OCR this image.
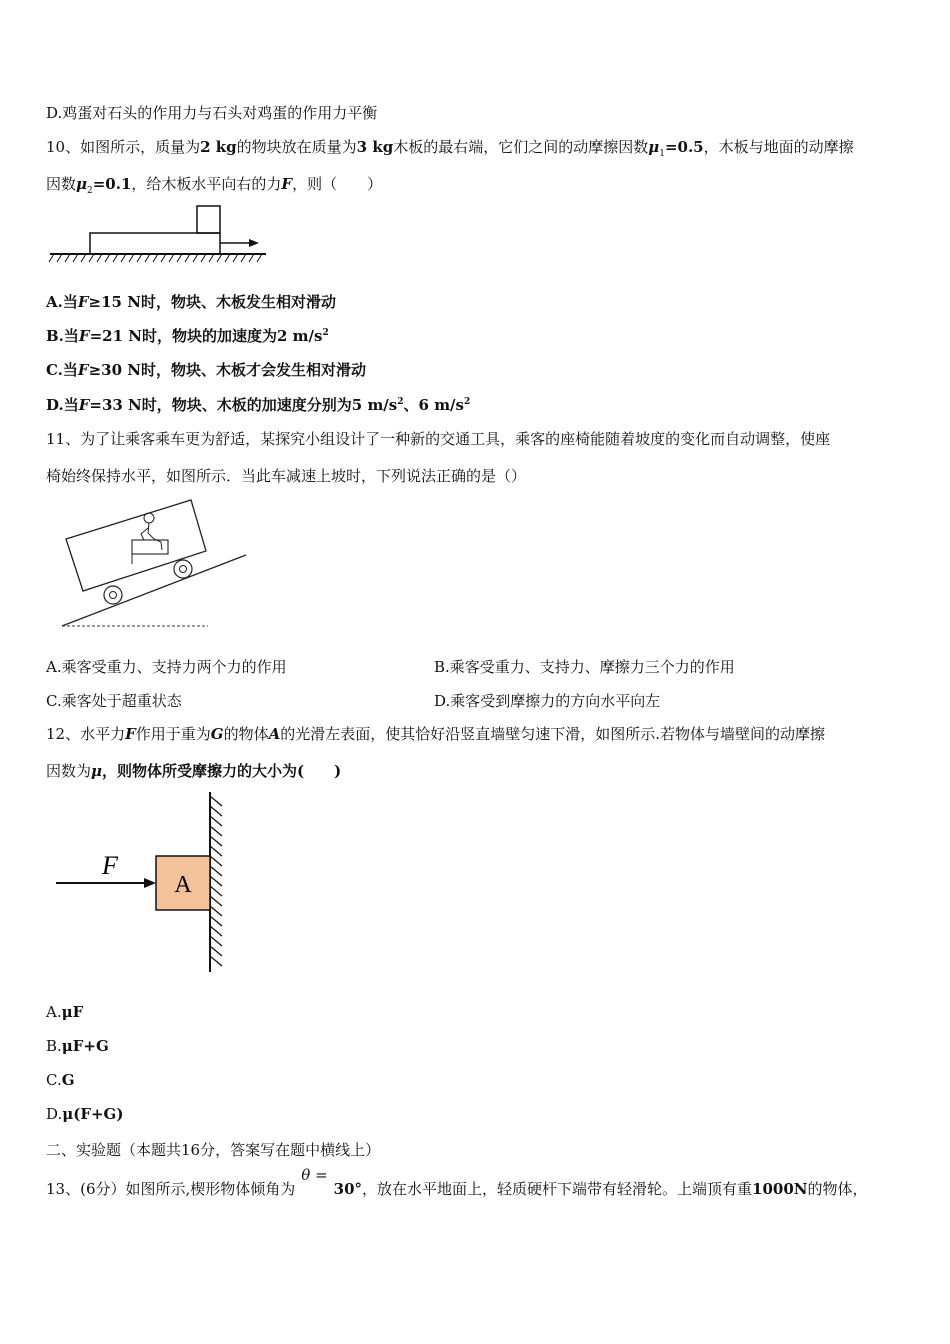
D.鸡蛋对石头的作用力与石头对鸡蛋的作用力平衡
10、如图所示，质量为2 kg的物块放在质量为3 kg木板的最右端，它们之间的动摩擦因数$\mu_1=0.5$，木板与地面的动摩擦
因数$\mu_2=0.1$，给木板水平向右的力F，则（　　）
A.当F≥15 N时，物块、木板发生相对滑动
B.当F=21 N时，物块的加速度为2 $m/s^2$
C.当F≥30 N时，物块、木板才会发生相对滑动
D.当F=33 N时，物块、木板的加速度分别为5 $m/s^2$、6 $m/s^2$
11、为了让乘客乘车更为舒适，某探究小组设计了一种新的交通工具，乘客的座椅能随着坡度的变化而自动调整，使座
椅始终保持水平，如图所示．当此车减速上坡时，下列说法正确的是（）
A.乘客受重力、支持力两个力的作用	B.乘客受重力、支持力、摩擦力三个力的作用
C.乘客处于超重状态	D.乘客受到摩擦力的方向水平向左
12、水平力F作用于重为G的物体A的光滑左表面，使其恰好沿竖直墙壁匀速下滑，如图所示.若物体与墙壁间的动摩擦
因数为μ，则物体所受摩擦力的大小为(　　)
A
F
A.μF
B.μF+G
C.G
D.μ(F+G)
二、实验题（本题共16分，答案写在题中横线上）
13、(6分）如图所示,楔形物体倾角为θ =30°，放在水平地面上，轻质硬杆下端带有轻滑轮。上端顶有重1000N的物体，
